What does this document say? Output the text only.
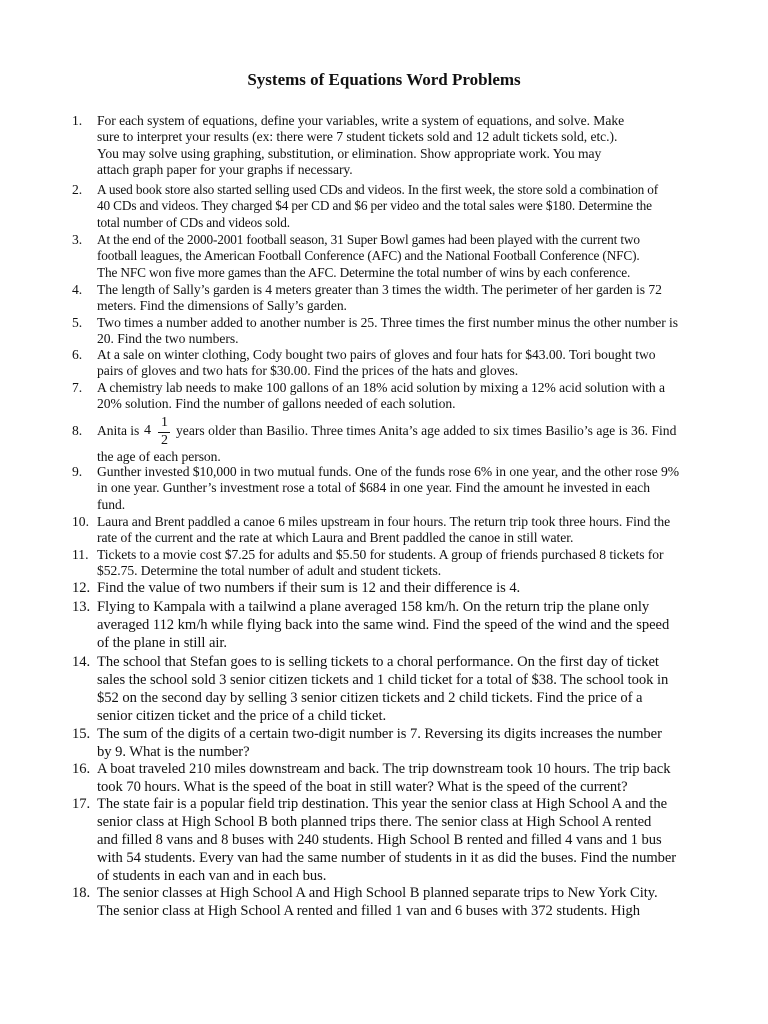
Systems of Equations Word Problems
1.	For each system of equations, define your variables, write a system of equations, and solve. Make
sure to interpret your results (ex: there were 7 student tickets sold and 12 adult tickets sold, etc.).
You may solve using graphing, substitution, or elimination. Show appropriate work. You may
attach graph paper for your graphs if necessary.
2.	A used book store also started selling used CDs and videos. In the first week, the store sold a combination of
40 CDs and videos. They charged $4 per CD and $6 per video and the total sales were $180. Determine the
total number of CDs and videos sold.
3.	At the end of the 2000-2001 football season, 31 Super Bowl games had been played with the current two
football leagues, the American Football Conference (AFC) and the National Football Conference (NFC).
The NFC won five more games than the AFC. Determine the total number of wins by each conference.
4.	The length of Sally’s garden is 4 meters greater than 3 times the width. The perimeter of her garden is 72
meters. Find the dimensions of Sally’s garden.
5.	Two times a number added to another number is 25. Three times the first number minus the other number is
20. Find the two numbers.
6.	At a sale on winter clothing, Cody bought two pairs of gloves and four hats for $43.00. Tori bought two
pairs of gloves and two hats for $30.00. Find the prices of the hats and gloves.
7.	A chemistry lab needs to make 100 gallons of an 18% acid solution by mixing a 12% acid solution with a
20% solution. Find the number of gallons needed of each solution.
8.	Anita is
the age of each person.
4
1
2
years older than Basilio. Three times Anita’s age added to six times Basilio’s age is 36. Find
9.	Gunther invested $10,000 in two mutual funds. One of the funds rose 6% in one year, and the other rose 9%
in one year. Gunther’s investment rose a total of $684 in one year. Find the amount he invested in each
fund.
10. Laura and Brent paddled a canoe 6 miles upstream in four hours. The return trip took three hours. Find the
rate of the current and the rate at which Laura and Brent paddled the canoe in still water.
11. Tickets to a movie cost $7.25 for adults and $5.50 for students. A group of friends purchased 8 tickets for
$52.75. Determine the total number of adult and student tickets.
12. Find the value of two numbers if their sum is 12 and their difference is 4.
13. Flying to Kampala with a tailwind a plane averaged 158 km/h. On the return trip the plane only
averaged 112 km/h while flying back into the same wind. Find the speed of the wind and the speed
of the plane in still air.
14. The school that Stefan goes to is selling tickets to a choral performance. On the first day of ticket
sales the school sold 3 senior citizen tickets and 1 child ticket for a total of $38. The school took in
$52 on the second day by selling 3 senior citizen tickets and 2 child tickets. Find the price of a
senior citizen ticket and the price of a child ticket.
15. The sum of the digits of a certain two-digit number is 7. Reversing its digits increases the number
by 9. What is the number?
16. A boat traveled 210 miles downstream and back. The trip downstream took 10 hours. The trip back
took 70 hours. What is the speed of the boat in still water? What is the speed of the current?
17. The state fair is a popular field trip destination. This year the senior class at High School A and the
senior class at High School B both planned trips there. The senior class at High School A rented
and filled 8 vans and 8 buses with 240 students. High School B rented and filled 4 vans and 1 bus
with 54 students. Every van had the same number of students in it as did the buses. Find the number
of students in each van and in each bus.
18. The senior classes at High School A and High School B planned separate trips to New York City.
The senior class at High School A rented and filled 1 van and 6 buses with 372 students. High
